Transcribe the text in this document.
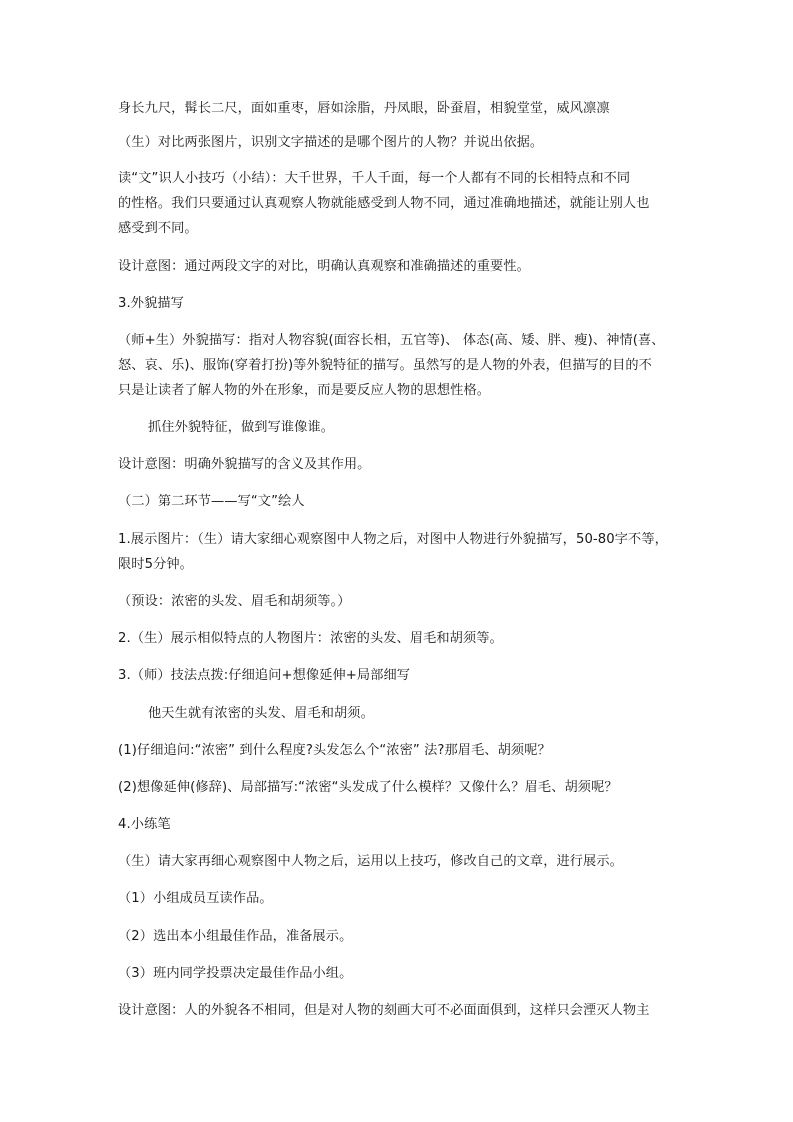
身长九尺，髯长二尺，面如重枣，唇如涂脂，丹凤眼，卧蚕眉，相貌堂堂，威风凛凛
（生）对比两张图片，识别文字描述的是哪个图片的人物？并说出依据。
读“文”识人小技巧（小结）：大千世界，千人千面，每一个人都有不同的长相特点和不同
的性格。我们只要通过认真观察人物就能感受到人物不同，通过准确地描述，就能让别人也
感受到不同。
设计意图：通过两段文字的对比，明确认真观察和准确描述的重要性。
3.外貌描写
（师+生）外貌描写：指对人物容貌(面容长相，五官等)、 体态(高、矮、胖、瘦)、神情(喜、
怒、哀、乐)、服饰(穿着打扮)等外貌特征的描写。虽然写的是人物的外表，但描写的目的不
只是让读者了解人物的外在形象，而是要反应人物的思想性格。
抓住外貌特征，做到写谁像谁。
设计意图：明确外貌描写的含义及其作用。
（二）第二环节——写“文”绘人
1.展示图片：（生）请大家细心观察图中人物之后，对图中人物进行外貌描写，50-80字不等，
限时5分钟。
（预设：浓密的头发、眉毛和胡须等。）
2.（生）展示相似特点的人物图片：浓密的头发、眉毛和胡须等。
3.（师）技法点拨:仔细追问+想像延伸+局部细写
他天生就有浓密的头发、眉毛和胡须。
(1)仔细追问:“浓密” 到什么程度?头发怎么个“浓密” 法?那眉毛、胡须呢？
(2)想像延伸(修辞)、局部描写:“浓密“头发成了什么模样？又像什么？眉毛、胡须呢？
4.小练笔
（生）请大家再细心观察图中人物之后，运用以上技巧，修改自己的文章，进行展示。
（1）小组成员互读作品。
（2）选出本小组最佳作品，准备展示。
（3）班内同学投票决定最佳作品小组。
设计意图：人的外貌各不相同，但是对人物的刻画大可不必面面俱到，这样只会湮灭人物主
